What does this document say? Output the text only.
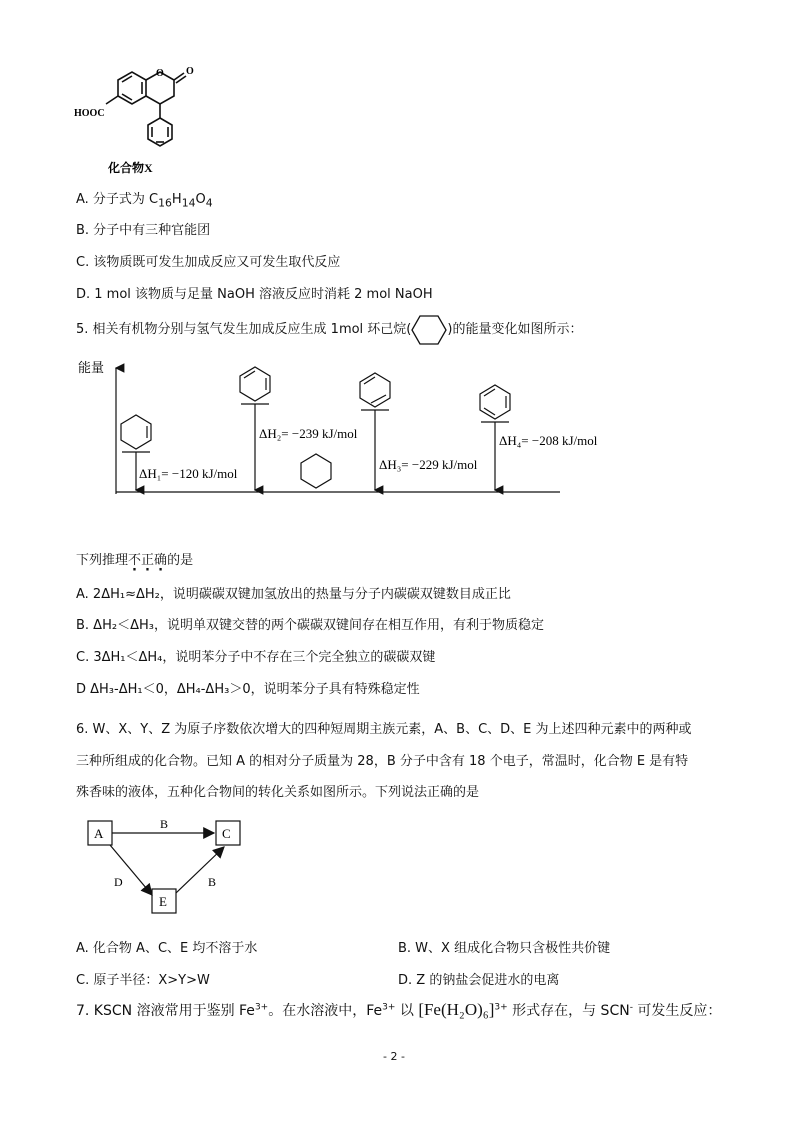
O O
HOOC
化合物X
A. 分子式为 $C_{16}H_{14}O_4$
B. 分子中有三种官能团
C. 该物质既可发生加成反应又可发生取代反应
D. 1 mol 该物质与足量 NaOH 溶液反应时消耗 2 mol NaOH
5. 相关有机物分别与氢气发生加成反应生成 1mol 环己烷(	)的能量变化如图所示：
能量
ΔH₁= −120 kJ/mol
ΔH₂= −239 kJ/mol
ΔH₃= −229 kJ/mol
ΔH₄= −208 kJ/mol
下列推理不正确的是
A. 2ΔH₁≈ΔH₂，说明碳碳双键加氢放出的热量与分子内碳碳双键数目成正比
B. ΔH₂＜ΔH₃，说明单双键交替的两个碳碳双键间存在相互作用，有利于物质稳定
C. 3ΔH₁＜ΔH₄，说明苯分子中不存在三个完全独立的碳碳双键
D ΔH₃-ΔH₁＜0，ΔH₄-ΔH₃＞0，说明苯分子具有特殊稳定性
6. W、X、Y、Z 为原子序数依次增大的四种短周期主族元素，A、B、C、D、E 为上述四种元素中的两种或
三种所组成的化合物。已知 A 的相对分子质量为 28，B 分子中含有 18 个电子，常温时，化合物 E 是有特
殊香味的液体，五种化合物间的转化关系如图所示。下列说法正确的是
A	C
E
B
D	B
A. 化合物 A、C、E 均不溶于水	B. W、X 组成化合物只含极性共价键
C. 原子半径：X>Y>W	D. Z 的钠盐会促进水的电离
7. KSCN 溶液常用于鉴别 $Fe^{3+}$。在水溶液中，$Fe^{3+}$ 以 $[Fe(H_2O)_6]^{3+}$ 形式存在，与 SCN- 可发生反应：
- 2 -
